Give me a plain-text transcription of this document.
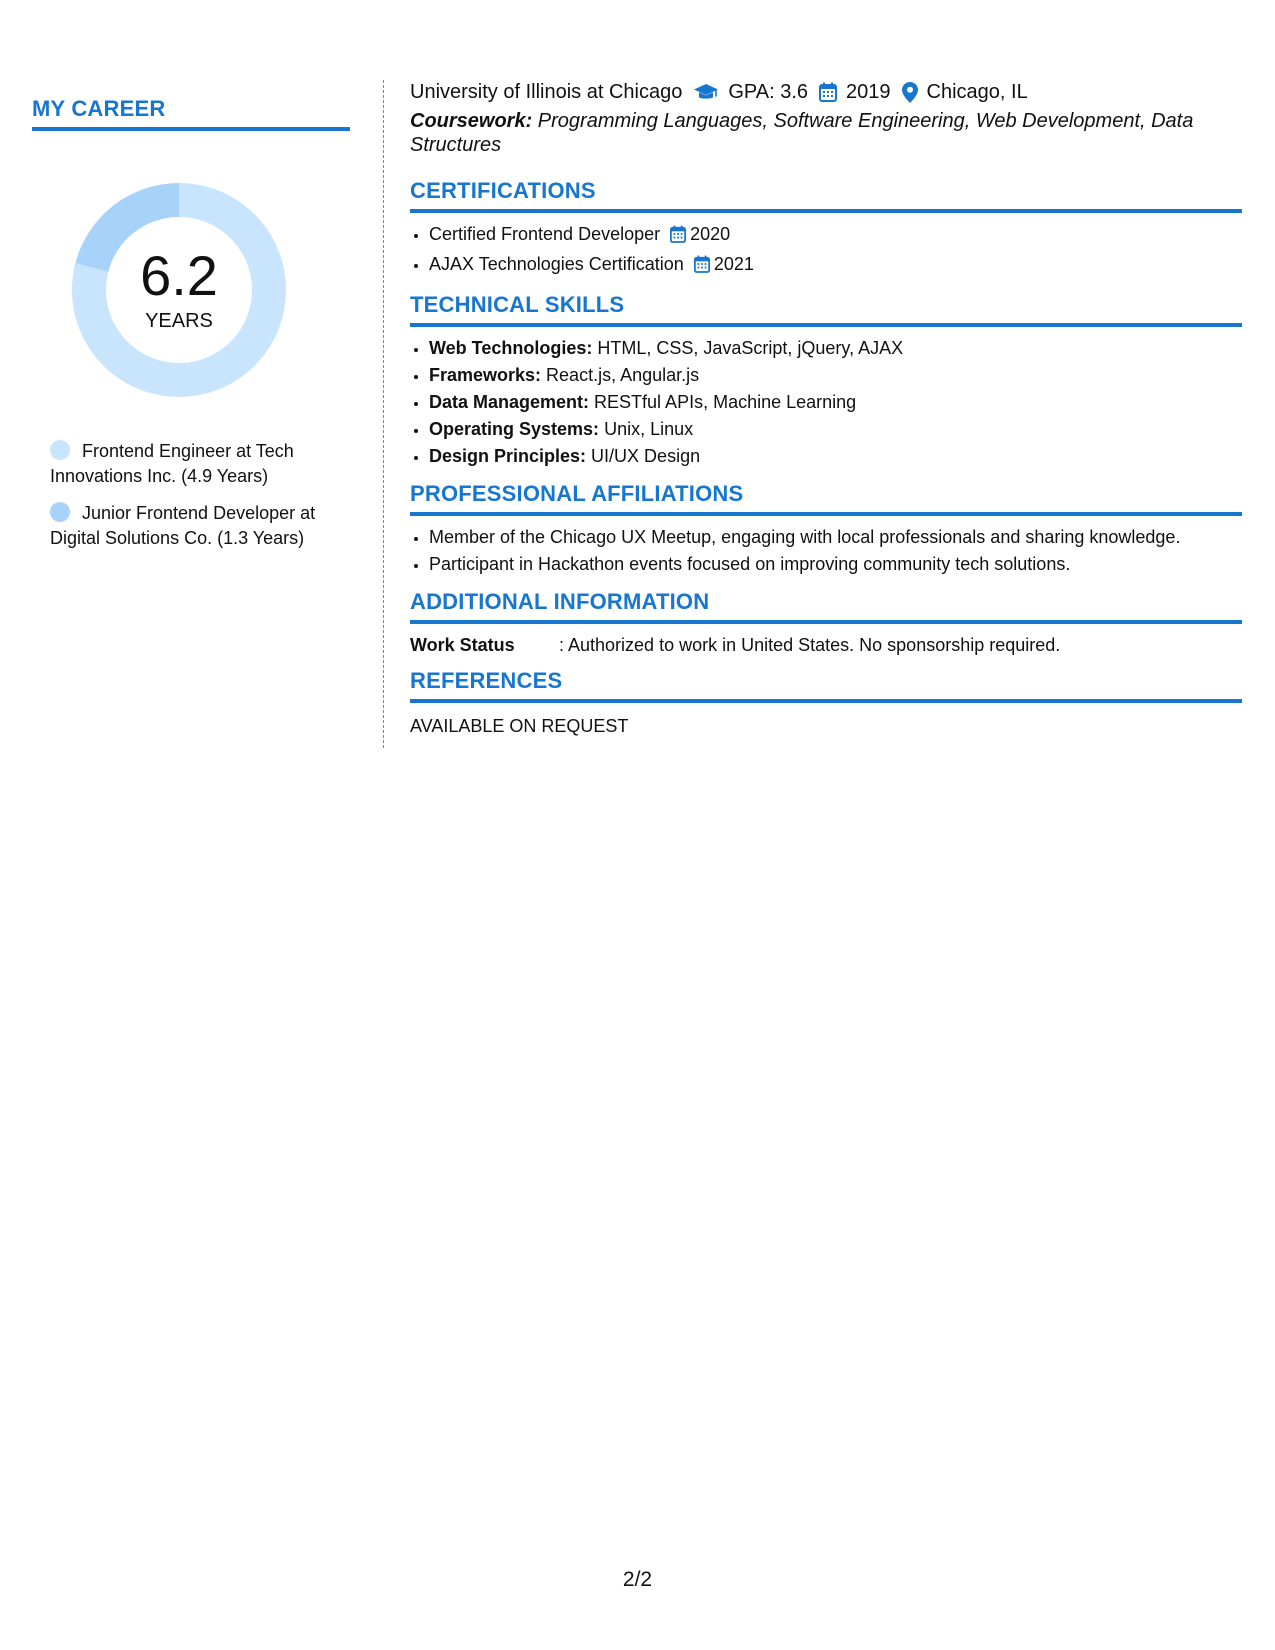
MY CAREER
6.2
YEARS
Frontend Engineer at Tech Innovations Inc. (4.9 Years)
Junior Frontend Developer at Digital Solutions Co. (1.3 Years)
University of Illinois at Chicago GPA: 3.6 2019 Chicago, IL
Coursework: Programming Languages, Software Engineering, Web Development, Data Structures
CERTIFICATIONS
• Certified Frontend Developer 2020
• AJAX Technologies Certification 2021
TECHNICAL SKILLS
• Web Technologies: HTML, CSS, JavaScript, jQuery, AJAX
• Frameworks: React.js, Angular.js
• Data Management: RESTful APIs, Machine Learning
• Operating Systems: Unix, Linux
• Design Principles: UI/UX Design
PROFESSIONAL AFFILIATIONS
• Member of the Chicago UX Meetup, engaging with local professionals and sharing knowledge.
• Participant in Hackathon events focused on improving community tech solutions.
ADDITIONAL INFORMATION
Work Status	: Authorized to work in United States. No sponsorship required.
REFERENCES
AVAILABLE ON REQUEST
2/2
